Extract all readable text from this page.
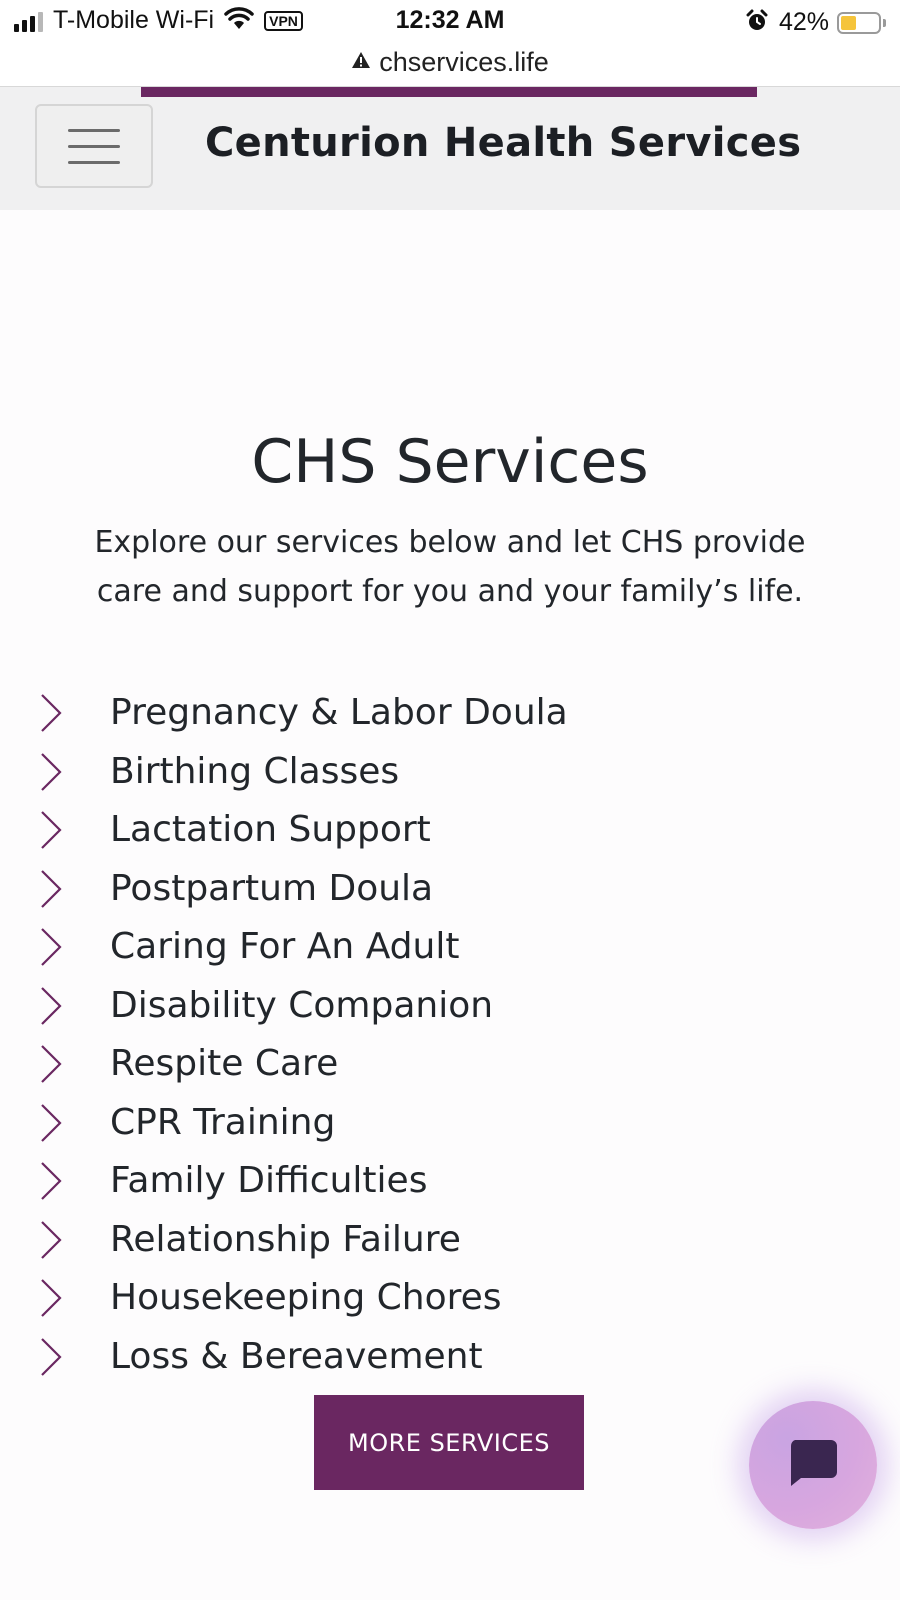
T-Mobile Wi-Fi	VPN	12:32 AM	42%
chservices.life
Centurion Health Services
CHS Services

Explore our services below and let CHS provide care and support for you and your family’s life.

Pregnancy & Labor Doula
Birthing Classes
Lactation Support
Postpartum Doula
Caring For An Adult
Disability Companion
Respite Care
CPR Training
Family Difficulties
Relationship Failure
Housekeeping Chores
Loss & Bereavement
MORE SERVICES
